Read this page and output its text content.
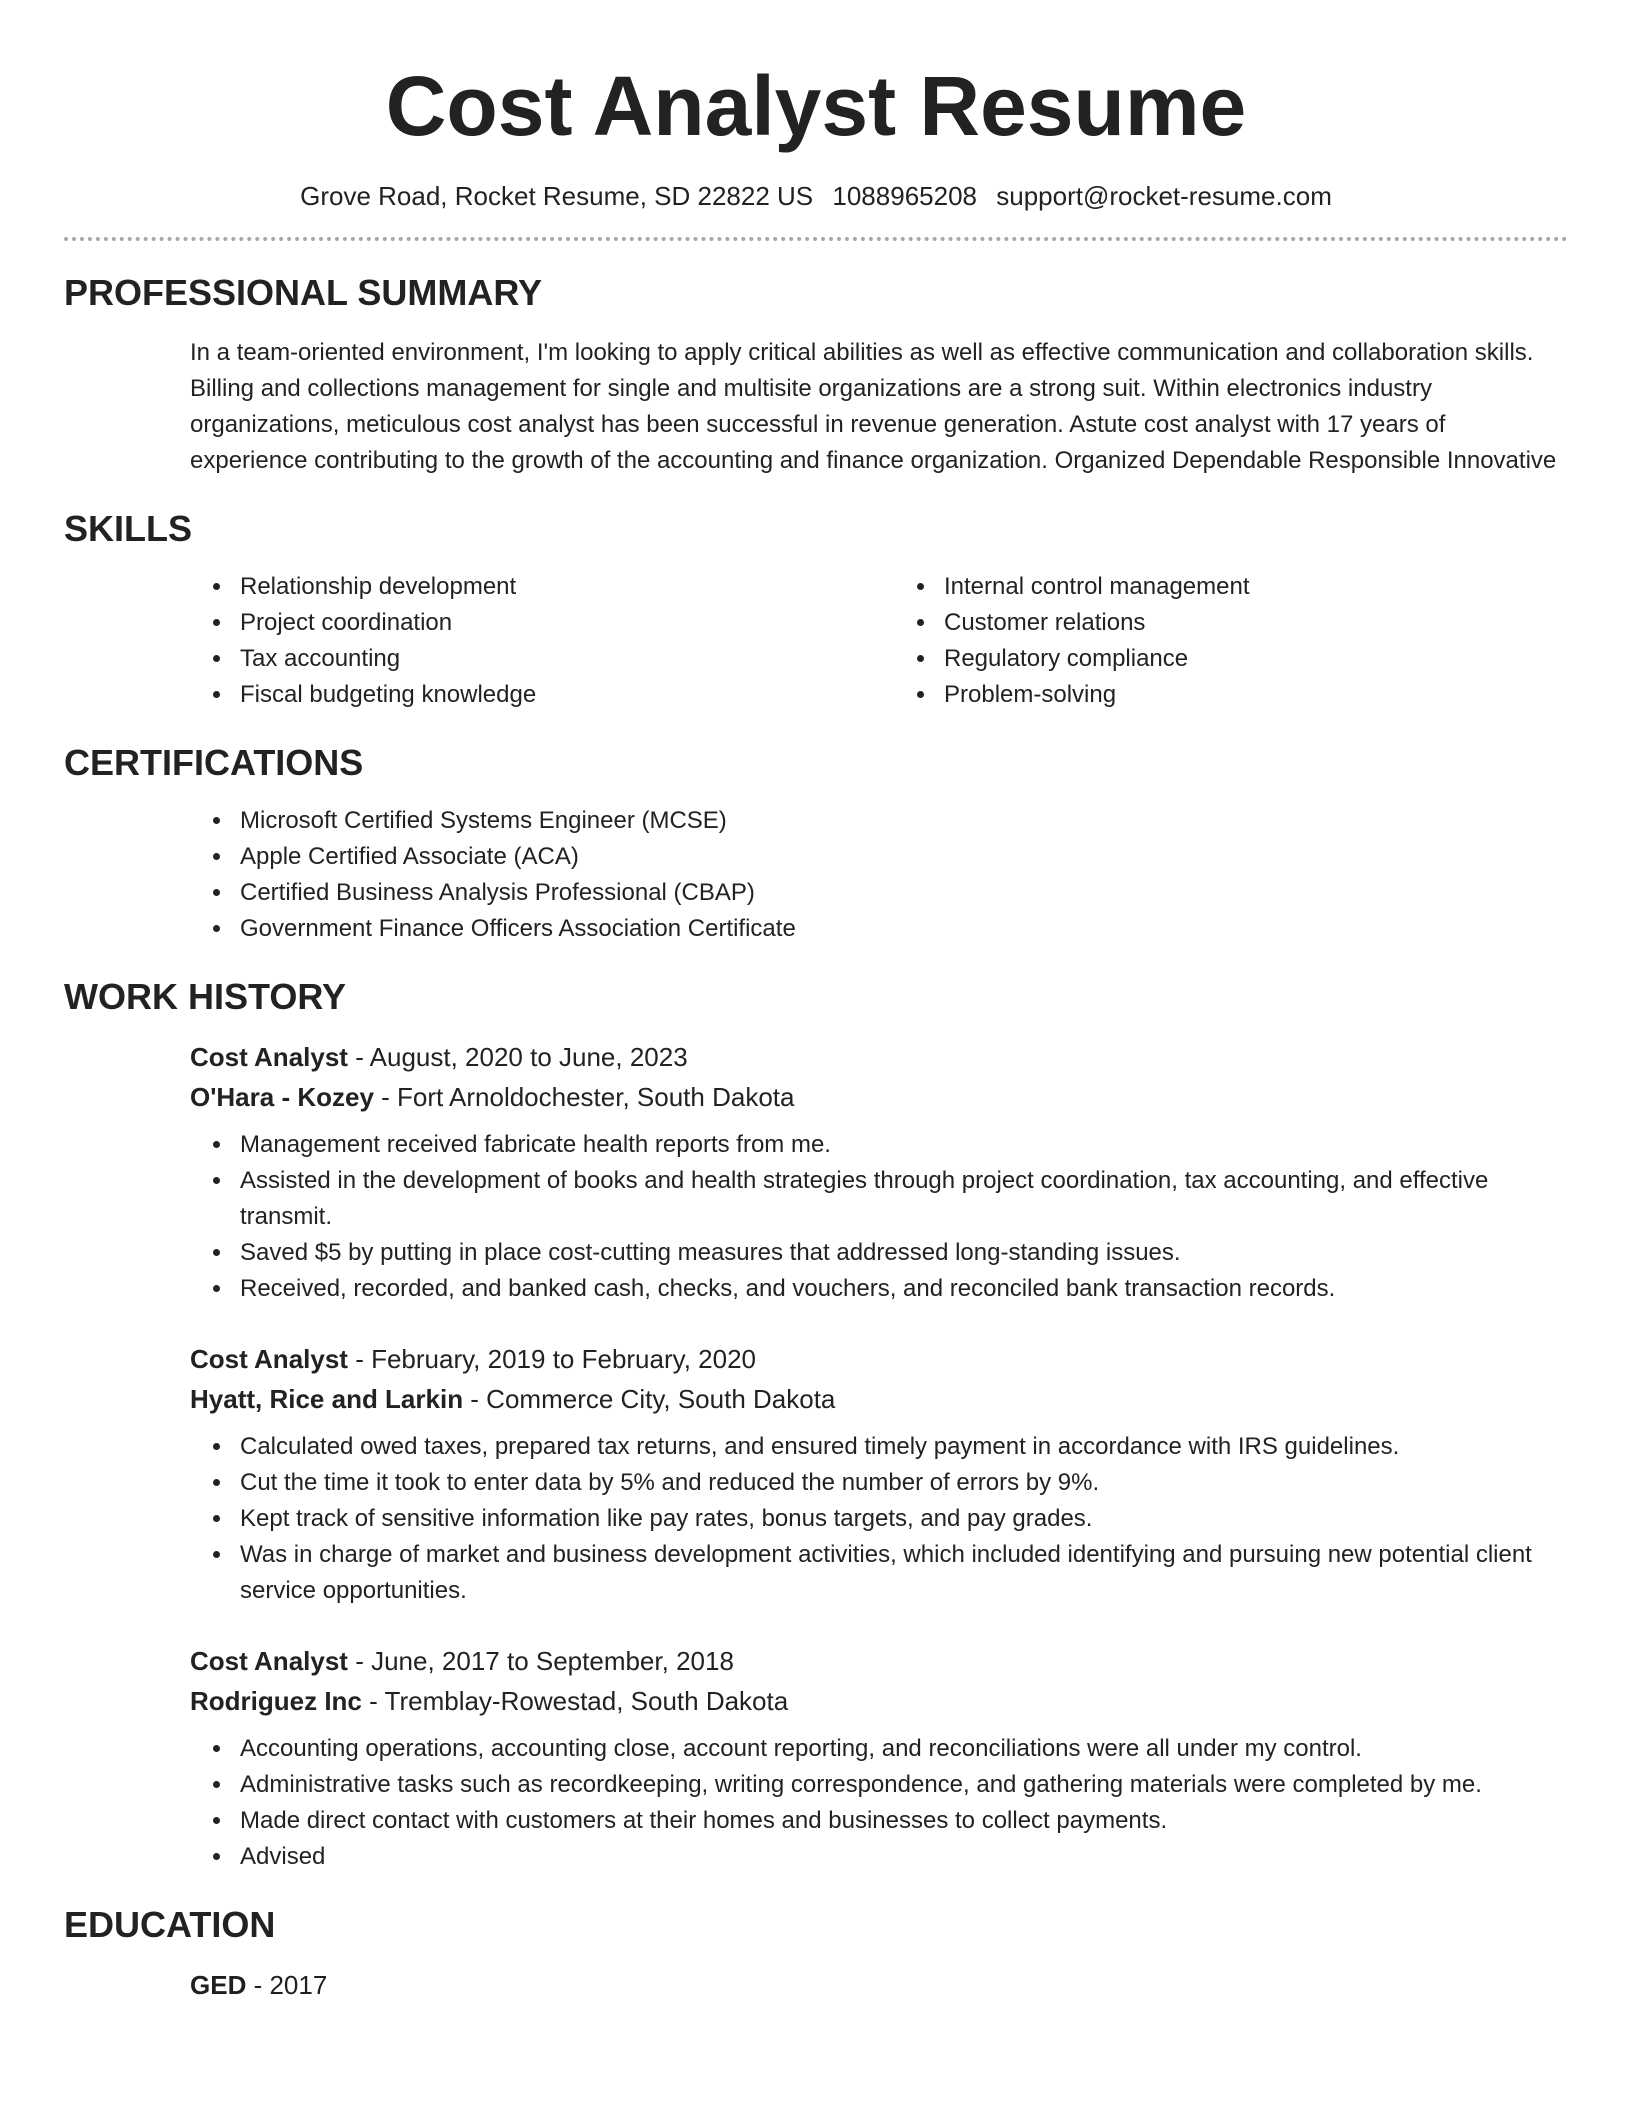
Cost Analyst Resume
Grove Road, Rocket Resume, SD 22822 US 1088965208 support@rocket-resume.com
PROFESSIONAL SUMMARY
In a team-oriented environment, I'm looking to apply critical abilities as well as effective communication and collaboration skills. Billing and collections management for single and multisite organizations are a strong suit. Within electronics industry organizations, meticulous cost analyst has been successful in revenue generation. Astute cost analyst with 17 years of experience contributing to the growth of the accounting and finance organization. Organized Dependable Responsible Innovative
SKILLS
• Relationship development
• Project coordination
• Tax accounting
• Fiscal budgeting knowledge
• Internal control management
• Customer relations
• Regulatory compliance
• Problem-solving
CERTIFICATIONS
• Microsoft Certified Systems Engineer (MCSE)
• Apple Certified Associate (ACA)
• Certified Business Analysis Professional (CBAP)
• Government Finance Officers Association Certificate
WORK HISTORY
Cost Analyst - August, 2020 to June, 2023
O'Hara - Kozey - Fort Arnoldochester, South Dakota
• Management received fabricate health reports from me.
• Assisted in the development of books and health strategies through project coordination, tax accounting, and effective transmit.
• Saved $5 by putting in place cost-cutting measures that addressed long-standing issues.
• Received, recorded, and banked cash, checks, and vouchers, and reconciled bank transaction records.
Cost Analyst - February, 2019 to February, 2020
Hyatt, Rice and Larkin - Commerce City, South Dakota
• Calculated owed taxes, prepared tax returns, and ensured timely payment in accordance with IRS guidelines.
• Cut the time it took to enter data by 5% and reduced the number of errors by 9%.
• Kept track of sensitive information like pay rates, bonus targets, and pay grades.
• Was in charge of market and business development activities, which included identifying and pursuing new potential client service opportunities.
Cost Analyst - June, 2017 to September, 2018
Rodriguez Inc - Tremblay-Rowestad, South Dakota
• Accounting operations, accounting close, account reporting, and reconciliations were all under my control.
• Administrative tasks such as recordkeeping, writing correspondence, and gathering materials were completed by me.
• Made direct contact with customers at their homes and businesses to collect payments.
• Advised
EDUCATION
GED - 2017
